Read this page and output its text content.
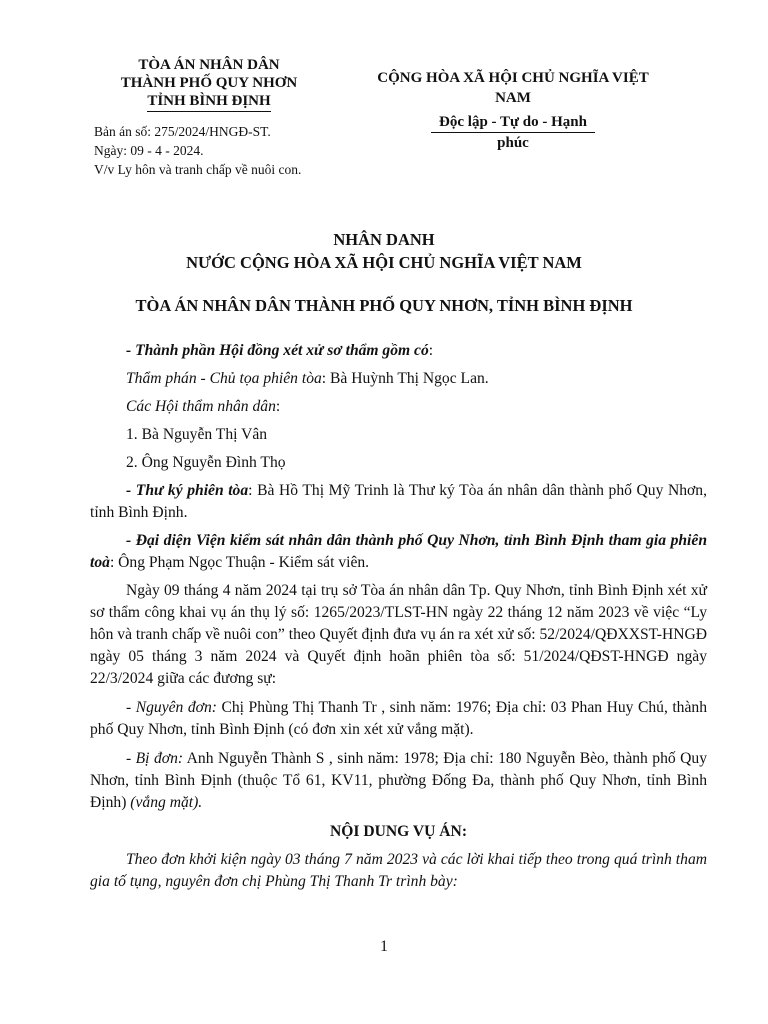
TÒA ÁN NHÂN DÂN
THÀNH PHỐ QUY NHƠN
TỈNH BÌNH ĐỊNH
CỘNG HÒA XÃ HỘI CHỦ NGHĨA VIỆT
NAM
Độc lập - Tự do - Hạnh
phúc
Bản án số: 275/2024/HNGĐ-ST.
Ngày: 09 - 4 - 2024.
V/v Ly hôn và tranh chấp về nuôi con.
NHÂN DANH
NƯỚC CỘNG HÒA XÃ HỘI CHỦ NGHĨA VIỆT NAM
TÒA ÁN NHÂN DÂN THÀNH PHỐ QUY NHƠN, TỈNH BÌNH ĐỊNH

- Thành phần Hội đồng xét xử sơ thẩm gồm có:

Thẩm phán - Chủ tọa phiên tòa: Bà Huỳnh Thị Ngọc Lan.

Các Hội thẩm nhân dân:

1. Bà Nguyễn Thị Vân

2. Ông Nguyễn Đình Thọ

- Thư ký phiên tòa: Bà Hồ Thị Mỹ Trinh là Thư ký Tòa án nhân dân thành phố Quy Nhơn, tỉnh Bình Định.

- Đại diện Viện kiểm sát nhân dân thành phố Quy Nhơn, tỉnh Bình Định tham gia phiên toà: Ông Phạm Ngọc Thuận - Kiểm sát viên.

Ngày 09 tháng 4 năm 2024 tại trụ sở Tòa án nhân dân Tp. Quy Nhơn, tỉnh Bình Định xét xử sơ thẩm công khai vụ án thụ lý số: 1265/2023/TLST-HN ngày 22 tháng 12 năm 2023 về việc “Ly hôn và tranh chấp về nuôi con” theo Quyết định đưa vụ án ra xét xử số: 52/2024/QĐXXST-HNGĐ ngày 05 tháng 3 năm 2024 và Quyết định hoãn phiên tòa số: 51/2024/QĐST-HNGĐ ngày 22/3/2024 giữa các đương sự:

- Nguyên đơn: Chị Phùng Thị Thanh Tr , sinh năm: 1976; Địa chỉ: 03 Phan Huy Chú, thành phố Quy Nhơn, tỉnh Bình Định (có đơn xin xét xử vắng mặt).

- Bị đơn: Anh Nguyễn Thành S , sinh năm: 1978; Địa chỉ: 180 Nguyễn Bèo, thành phố Quy Nhơn, tỉnh Bình Định (thuộc Tổ 61, KV11, phường Đống Đa, thành phố Quy Nhơn, tỉnh Bình Định) (vắng mặt).

NỘI DUNG VỤ ÁN:

Theo đơn khởi kiện ngày 03 tháng 7 năm 2023 và các lời khai tiếp theo trong quá trình tham gia tố tụng, nguyên đơn chị Phùng Thị Thanh Tr trình bày:

1
